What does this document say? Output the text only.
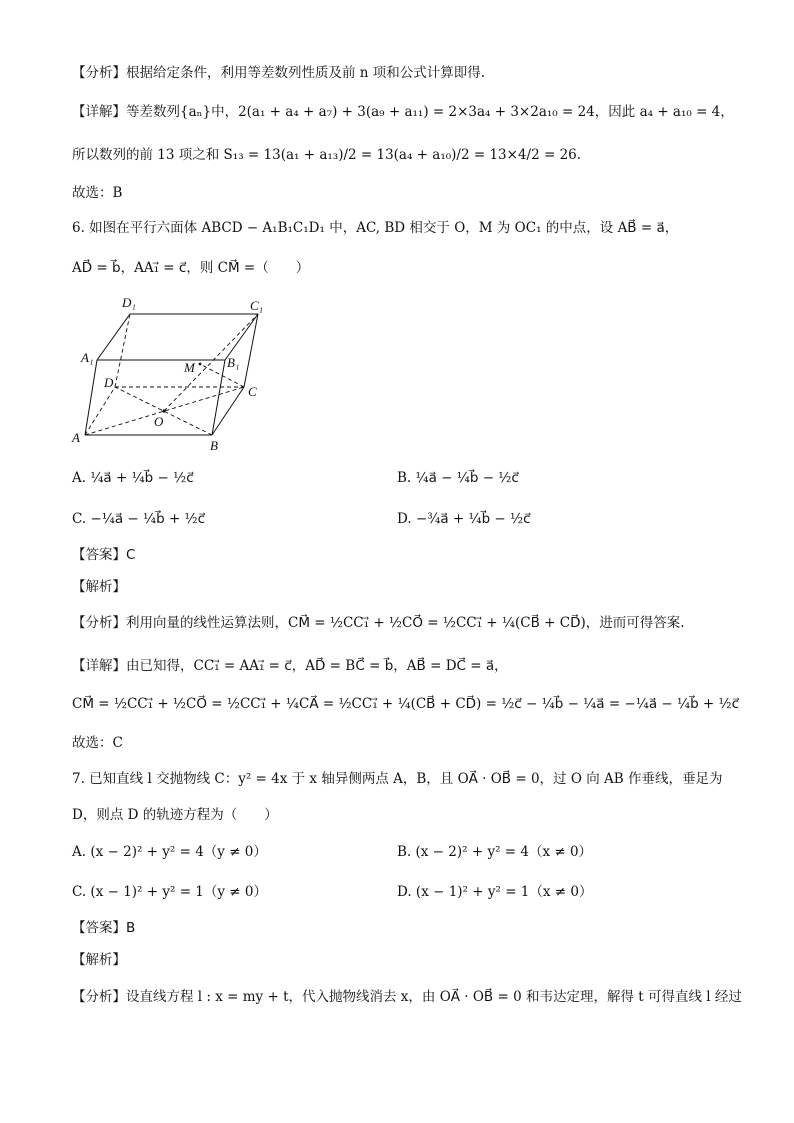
【分析】根据给定条件，利用等差数列性质及前 n 项和公式计算即得.
【详解】等差数列{aₙ}中，2(a₁ + a₄ + a₇) + 3(a₉ + a₁₁) = 2×3a₄ + 3×2a₁₀ = 24，因此 a₄ + a₁₀ = 4，
所以数列的前 13 项之和 S₁₃ = 13(a₁ + a₁₃)/2 = 13(a₄ + a₁₀)/2 = 13×4/2 = 26.
故选：B
6. 如图在平行六面体 ABCD − A₁B₁C₁D₁ 中，AC, BD 相交于 O，M 为 OC₁ 的中点，设 AB⃗ = a⃗，
AD⃗ = b⃗，AA₁⃗ = c⃗，则 CM⃗ =（　　）
A
B
C
D
A₁	B₁
C₁
D₁
M
O
A. ¼a⃗ + ¼b⃗ − ½c⃗	B. ¼a⃗ − ¼b⃗ − ½c⃗
C. −¼a⃗ − ¼b⃗ + ½c⃗	D. −¾a⃗ + ¼b⃗ − ½c⃗
【答案】C
【解析】
【分析】利用向量的线性运算法则，CM⃗ = ½CC₁⃗ + ½CO⃗ = ½CC₁⃗ + ¼(CB⃗ + CD⃗)，进而可得答案.
【详解】由已知得，CC₁⃗ = AA₁⃗ = c⃗，AD⃗ = BC⃗ = b⃗，AB⃗ = DC⃗ = a⃗，
CM⃗ = ½CC₁⃗ + ½CO⃗ = ½CC₁⃗ + ¼CA⃗ = ½CC₁⃗ + ¼(CB⃗ + CD⃗) = ½c⃗ − ¼b⃗ − ¼a⃗ = −¼a⃗ − ¼b⃗ + ½c⃗
故选：C
7. 已知直线 l 交抛物线 C：y² = 4x 于 x 轴异侧两点 A，B，且 OA⃗ · OB⃗ = 0，过 O 向 AB 作垂线，垂足为
D，则点 D 的轨迹方程为（　　）
A. (x − 2)² + y² = 4（y ≠ 0）	B. (x − 2)² + y² = 4（x ≠ 0）
C. (x − 1)² + y² = 1（y ≠ 0）	D. (x − 1)² + y² = 1（x ≠ 0）
【答案】B
【解析】
【分析】设直线方程 l : x = my + t，代入抛物线消去 x，由 OA⃗ · OB⃗ = 0 和韦达定理，解得 t 可得直线 l 经过
